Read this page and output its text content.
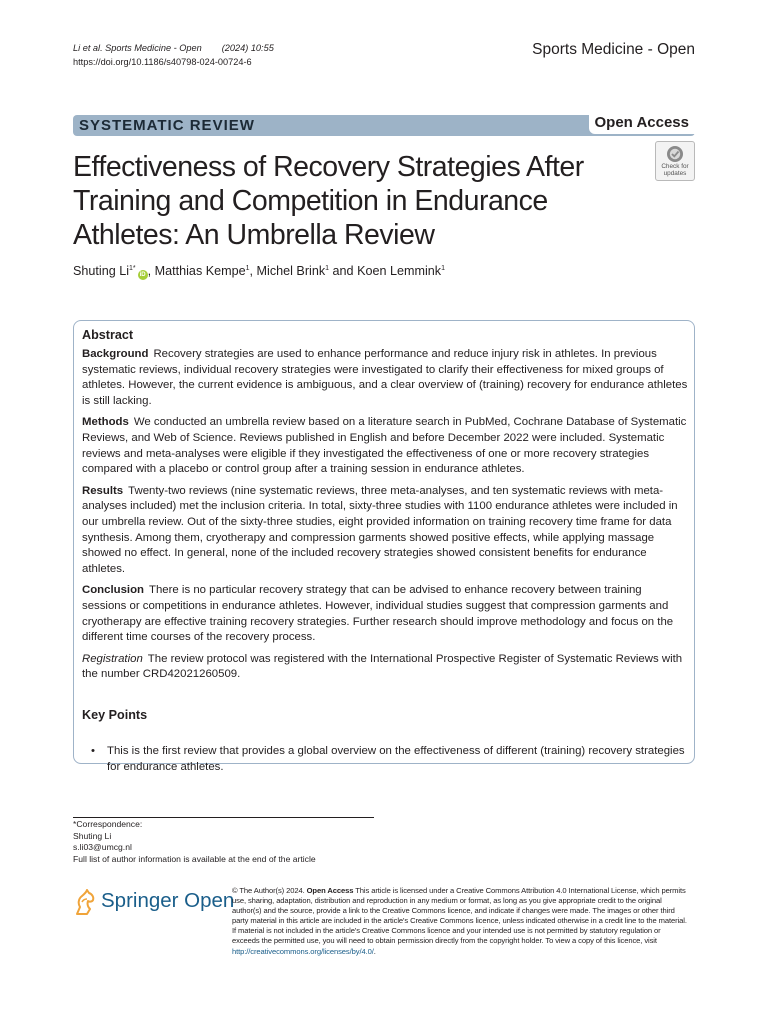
Li et al. Sports Medicine - Open (2024) 10:55
https://doi.org/10.1186/s40798-024-00724-6
Sports Medicine - Open
SYSTEMATIC REVIEW	Open Access
Effectiveness of Recovery Strategies After Training and Competition in Endurance Athletes: An Umbrella Review
Check for
updates
Shuting $Li^{1*}iD$ , Matthias Kempe$^1$, Michel Brink$^1$ and Koen Lemmink$^1$
Abstract

Background Recovery strategies are used to enhance performance and reduce injury risk in athletes. In previous systematic reviews, individual recovery strategies were investigated to clarify their effectiveness for mixed groups of athletes. However, the current evidence is ambiguous, and a clear overview of (training) recovery for endurance athletes is still lacking.

Methods We conducted an umbrella review based on a literature search in PubMed, Cochrane Database of Systematic Reviews, and Web of Science. Reviews published in English and before December 2022 were included. Systematic reviews and meta-analyses were eligible if they investigated the effectiveness of one or more recovery strategies compared with a placebo or control group after a training session in endurance athletes.

Results Twenty-two reviews (nine systematic reviews, three meta-analyses, and ten systematic reviews with meta-analyses included) met the inclusion criteria. In total, sixty-three studies with 1100 endurance athletes were included in our umbrella review. Out of the sixty-three studies, eight provided information on training recovery time frame for data synthesis. Among them, cryotherapy and compression garments showed positive effects, while applying massage showed no effect. In general, none of the included recovery strategies showed consistent benefits for endurance athletes.

Conclusion There is no particular recovery strategy that can be advised to enhance recovery between training sessions or competitions in endurance athletes. However, individual studies suggest that compression garments and cryotherapy are effective training recovery strategies. Further research should improve methodology and focus on the different time courses of the recovery process.

Registration The review protocol was registered with the International Prospective Register of Systematic Reviews with the number CRD42021260509.

Key Points
• This is the first review that provides a global overview on the effectiveness of different (training) recovery strategies for endurance athletes.
*Correspondence:
Shuting Li
s.li03@umcg.nl
Full list of author information is available at the end of the article
Springer Open
© The Author(s) 2024. Open Access This article is licensed under a Creative Commons Attribution 4.0 International License, which permits use, sharing, adaptation, distribution and reproduction in any medium or format, as long as you give appropriate credit to the original author(s) and the source, provide a link to the Creative Commons licence, and indicate if changes were made. The images or other third party material in this article are included in the article's Creative Commons licence, unless indicated otherwise in a credit line to the material. If material is not included in the article's Creative Commons licence and your intended use is not permitted by statutory regulation or exceeds the permitted use, you will need to obtain permission directly from the copyright holder. To view a copy of this licence, visit http://creativecommons.org/licenses/by/4.0/.
